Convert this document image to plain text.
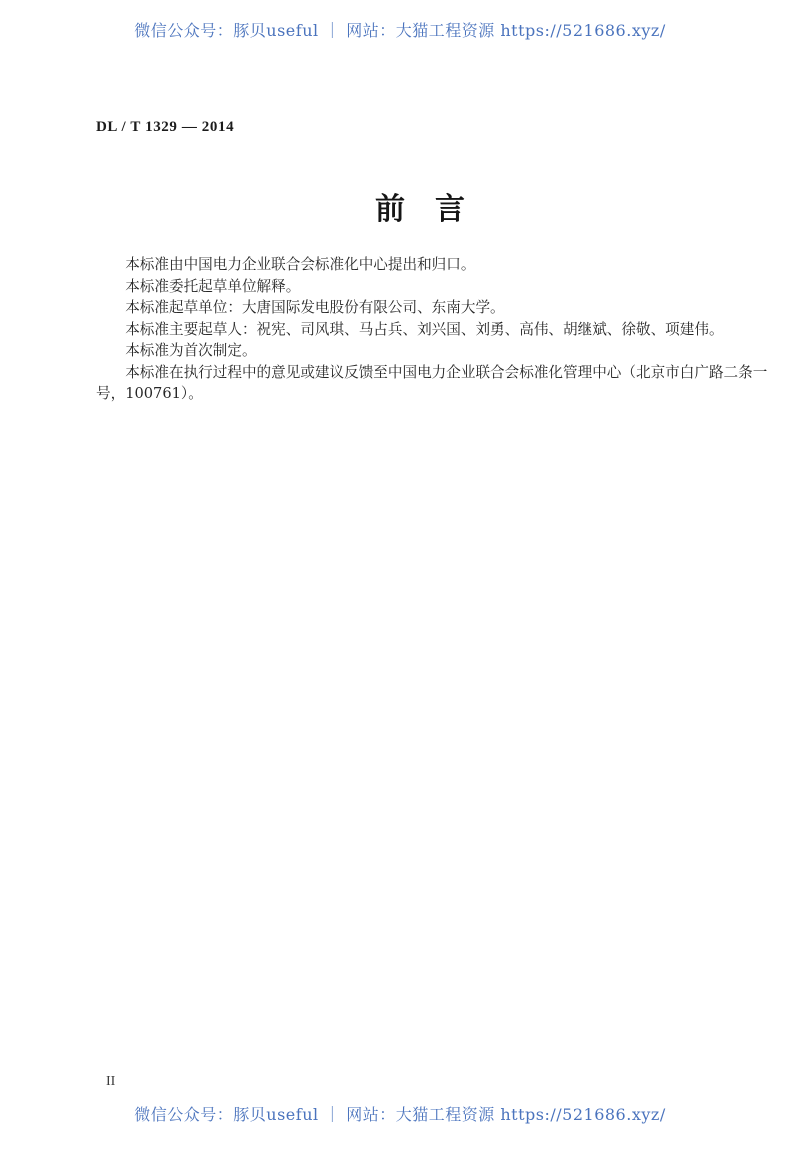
微信公众号：豚贝useful ｜ 网站：大猫工程资源 https://521686.xyz/
DL / T 1329 — 2014
前　言
本标准由中国电力企业联合会标准化中心提出和归口。
本标准委托起草单位解释。
本标准起草单位：大唐国际发电股份有限公司、东南大学。
本标准主要起草人：祝宪、司风琪、马占兵、刘兴国、刘勇、高伟、胡继斌、徐敬、项建伟。
本标准为首次制定。
本标准在执行过程中的意见或建议反馈至中国电力企业联合会标准化管理中心（北京市白广路二条一
号，100761）。
II
微信公众号：豚贝useful ｜ 网站：大猫工程资源 https://521686.xyz/
